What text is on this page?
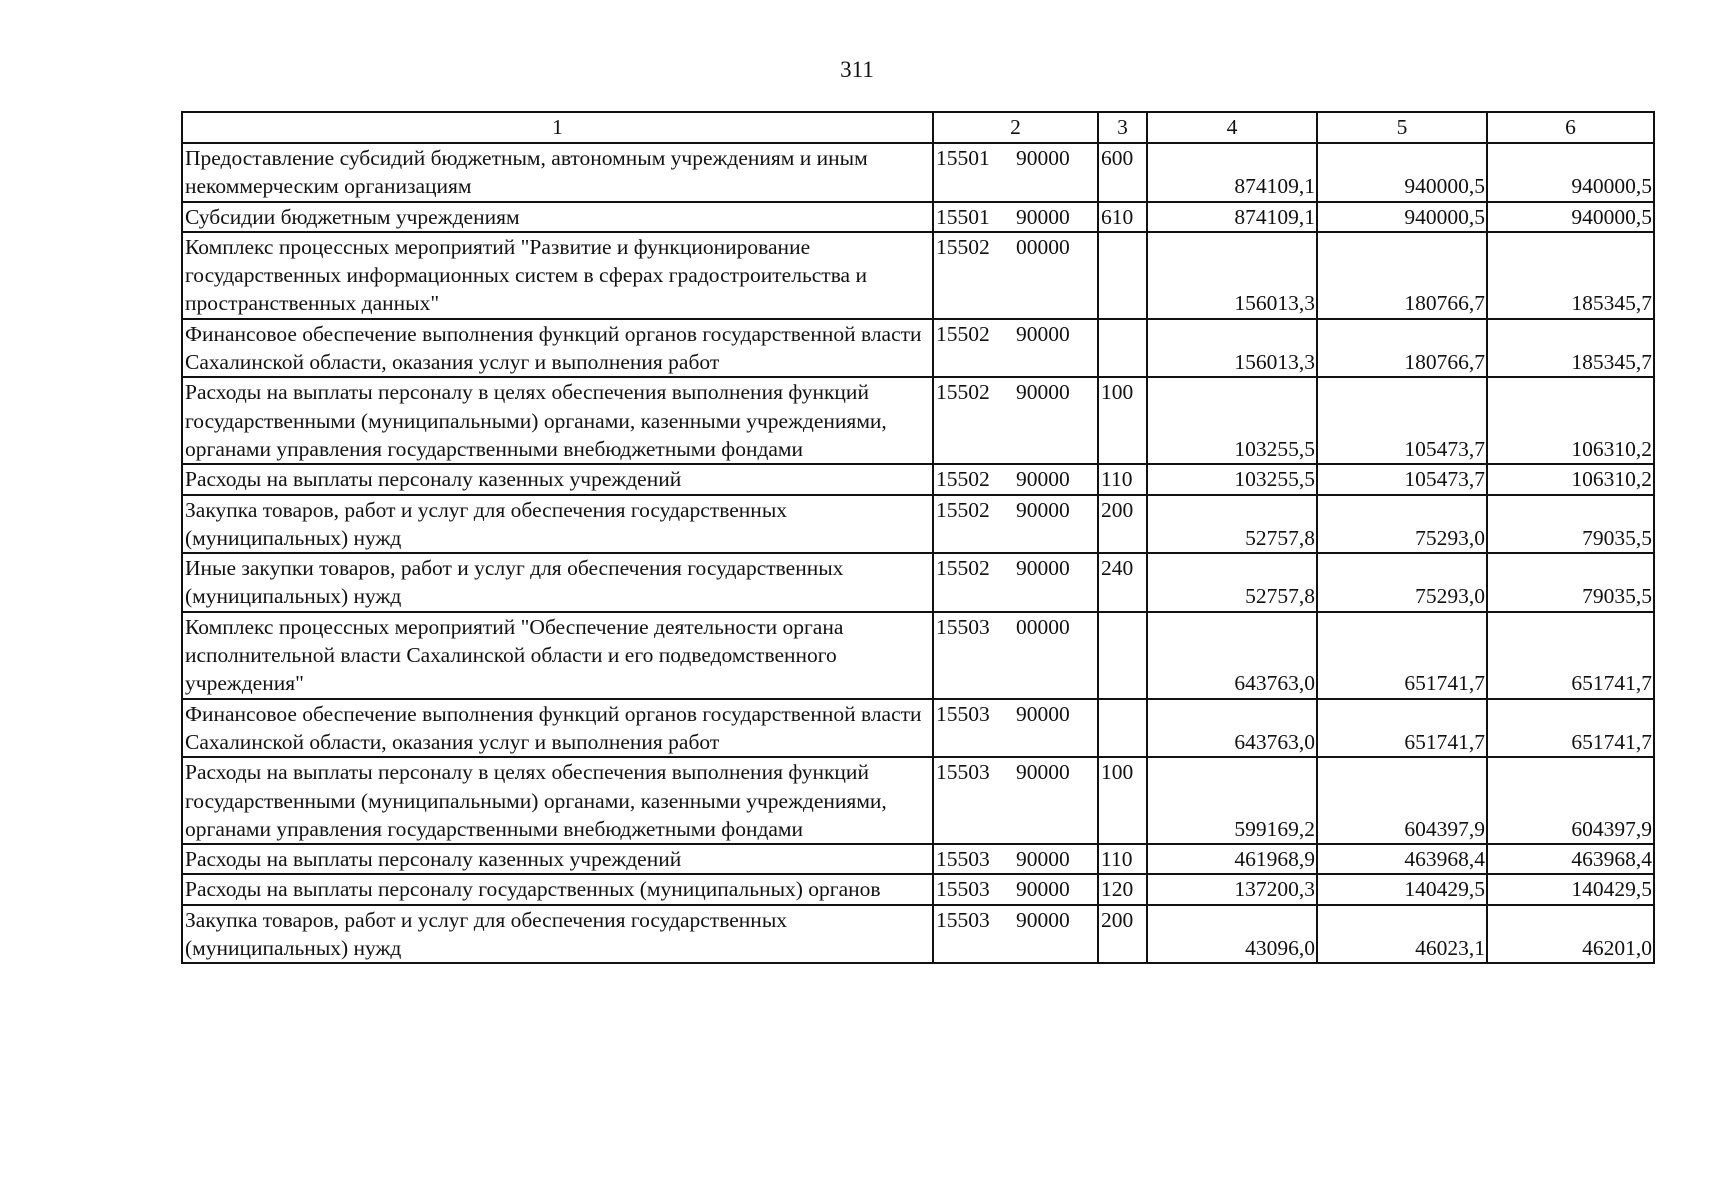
311
1	2	3	4	5	6
Предоставление субсидий бюджетным, автономным учреждениям и иным некоммерческим организациям	15501 90000	600	874109,1	940000,5	940000,5
Субсидии бюджетным учреждениям	15501 90000	610	874109,1	940000,5	940000,5
Комплекс процессных мероприятий "Развитие и функционирование государственных информационных систем в сферах градостроительства и пространственных данных"	15502 00000		156013,3	180766,7	185345,7
Финансовое обеспечение выполнения функций органов государственной власти Сахалинской области, оказания услуг и выполнения работ	15502 90000		156013,3	180766,7	185345,7
Расходы на выплаты персоналу в целях обеспечения выполнения функций государственными (муниципальными) органами, казенными учреждениями, органами управления государственными внебюджетными фондами	15502 90000	100	103255,5	105473,7	106310,2
Расходы на выплаты персоналу казенных учреждений	15502 90000	110	103255,5	105473,7	106310,2
Закупка товаров, работ и услуг для обеспечения государственных (муниципальных) нужд	15502 90000	200	52757,8	75293,0	79035,5
Иные закупки товаров, работ и услуг для обеспечения государственных (муниципальных) нужд	15502 90000	240	52757,8	75293,0	79035,5
Комплекс процессных мероприятий "Обеспечение деятельности органа исполнительной власти Сахалинской области и его подведомственного учреждения"	15503 00000		643763,0	651741,7	651741,7
Финансовое обеспечение выполнения функций органов государственной власти Сахалинской области, оказания услуг и выполнения работ	15503 90000		643763,0	651741,7	651741,7
Расходы на выплаты персоналу в целях обеспечения выполнения функций государственными (муниципальными) органами, казенными учреждениями, органами управления государственными внебюджетными фондами	15503 90000	100	599169,2	604397,9	604397,9
Расходы на выплаты персоналу казенных учреждений	15503 90000	110	461968,9	463968,4	463968,4
Расходы на выплаты персоналу государственных (муниципальных) органов	15503 90000	120	137200,3	140429,5	140429,5
Закупка товаров, работ и услуг для обеспечения государственных (муниципальных) нужд	15503 90000	200	43096,0	46023,1	46201,0
